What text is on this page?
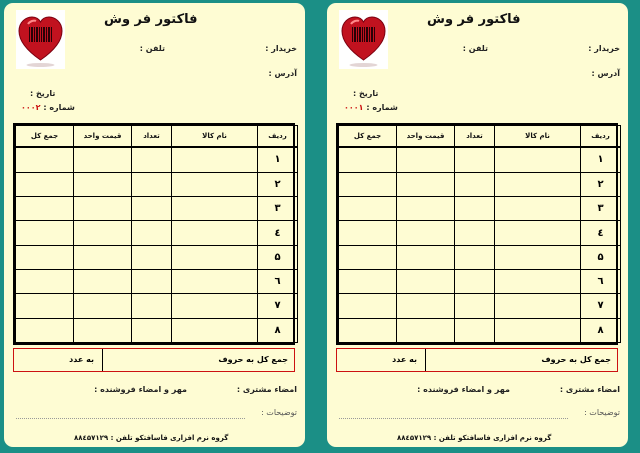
فاکتور فر وش
خریدار :
تلفن :
آدرس :
تاریخ :
شماره : ۰۰۰۱
ردیف	نام کالا	تعداد	قیمت واحد	جمع کل
۱				
۲				
۳				
٤				
۵				
٦				
۷				
۸				
جمع کل به حروف
به عدد
امضاء مشتری :
مهر و امضاء فروشنده :
توضیحات :
گروه نرم افزاری فاسافتکو تلفن : ۸۸٤۵۷۱۲۹
فاکتور فر وش
خریدار :
تلفن :
آدرس :
تاریخ :
شماره : ۰۰۰۲
ردیف	نام کالا	تعداد	قیمت واحد	جمع کل
۱				
۲				
۳				
٤				
۵				
٦				
۷				
۸				
جمع کل به حروف
به عدد
امضاء مشتری :
مهر و امضاء فروشنده :
توضیحات :
گروه نرم افزاری فاسافتکو تلفن : ۸۸٤۵۷۱۲۹
